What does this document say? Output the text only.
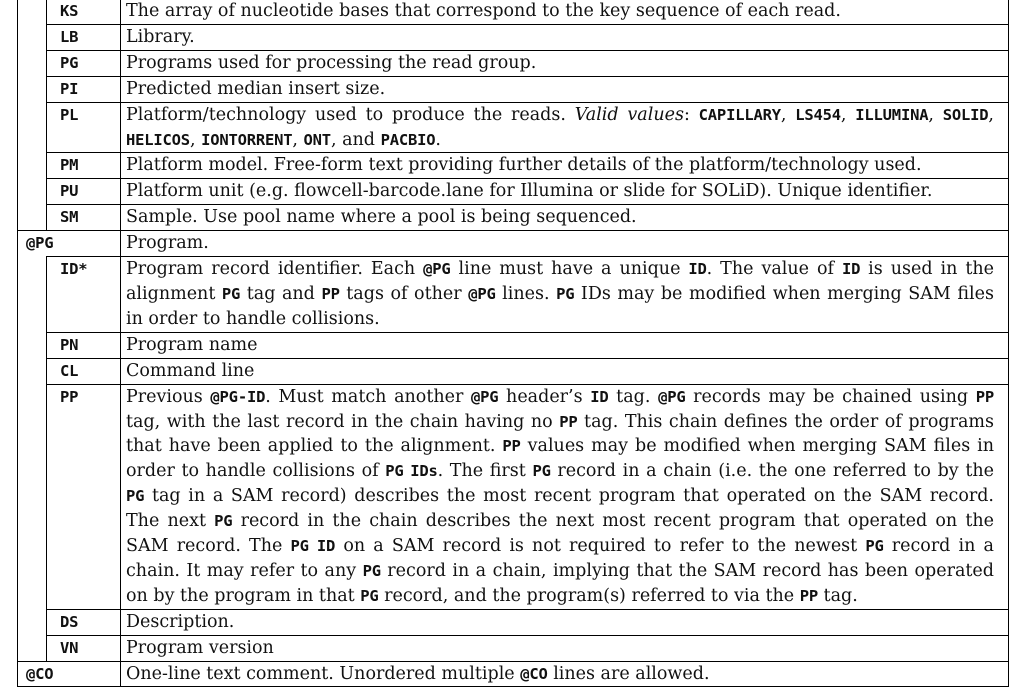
	KS	The array of nucleotide bases that correspond to the key sequence of each read.
	LB	Library.
	PG	Programs used for processing the read group.
	PI	Predicted median insert size.
	PL	Platform/technology used to produce the reads. Valid values: CAPILLARY, LS454, ILLUMINA, SOLID, HELICOS, IONTORRENT, ONT, and PACBIO.
	PM	Platform model. Free-form text providing further details of the platform/technology used.
	PU	Platform unit (e.g. flowcell-barcode.lane for Illumina or slide for SOLiD). Unique identifier.
	SM	Sample. Use pool name where a pool is being sequenced.
@PG		Program.
	ID*	Program record identifier. Each @PG line must have a unique ID. The value of ID is used in the alignment PG tag and PP tags of other @PG lines. PG IDs may be modified when merging SAM files in order to handle collisions.
	PN	Program name
	CL	Command line
	PP	Previous @PG-ID. Must match another @PG header’s ID tag. @PG records may be chained using PP tag, with the last record in the chain having no PP tag. This chain defines the order of programs that have been applied to the alignment. PP values may be modified when merging SAM files in order to handle collisions of PG IDs. The first PG record in a chain (i.e. the one referred to by the PG tag in a SAM record) describes the most recent program that operated on the SAM record. The next PG record in the chain describes the next most recent program that operated on the SAM record. The PG ID on a SAM record is not required to refer to the newest PG record in a chain. It may refer to any PG record in a chain, implying that the SAM record has been operated on by the program in that PG record, and the program(s) referred to via the PP tag.
	DS	Description.
	VN	Program version
@CO		One-line text comment. Unordered multiple @CO lines are allowed.
